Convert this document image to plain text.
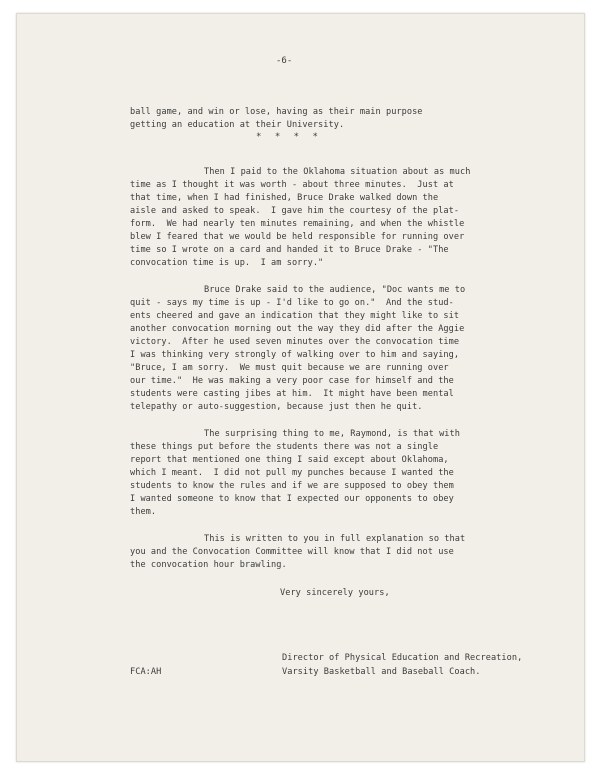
-6-
ball game, and win or lose, having as their main purpose
getting an education at their University.
* * * *
Then I paid to the Oklahoma situation about as much
time as I thought it was worth - about three minutes.  Just at
that time, when I had finished, Bruce Drake walked down the
aisle and asked to speak.  I gave him the courtesy of the plat-
form.  We had nearly ten minutes remaining, and when the whistle
blew I feared that we would be held responsible for running over
time so I wrote on a card and handed it to Bruce Drake - "The
convocation time is up.  I am sorry."
Bruce Drake said to the audience, "Doc wants me to
quit - says my time is up - I'd like to go on."  And the stud-
ents cheered and gave an indication that they might like to sit
another convocation morning out the way they did after the Aggie
victory.  After he used seven minutes over the convocation time
I was thinking very strongly of walking over to him and saying,
"Bruce, I am sorry.  We must quit because we are running over
our time."  He was making a very poor case for himself and the
students were casting jibes at him.  It might have been mental
telepathy or auto-suggestion, because just then he quit.
The surprising thing to me, Raymond, is that with
these things put before the students there was not a single
report that mentioned one thing I said except about Oklahoma,
which I meant.  I did not pull my punches because I wanted the
students to know the rules and if we are supposed to obey them
I wanted someone to know that I expected our opponents to obey
them.
This is written to you in full explanation so that
you and the Convocation Committee will know that I did not use
the convocation hour brawling.
Very sincerely yours,
FCA:AH
Director of Physical Education and Recreation,
Varsity Basketball and Baseball Coach.
